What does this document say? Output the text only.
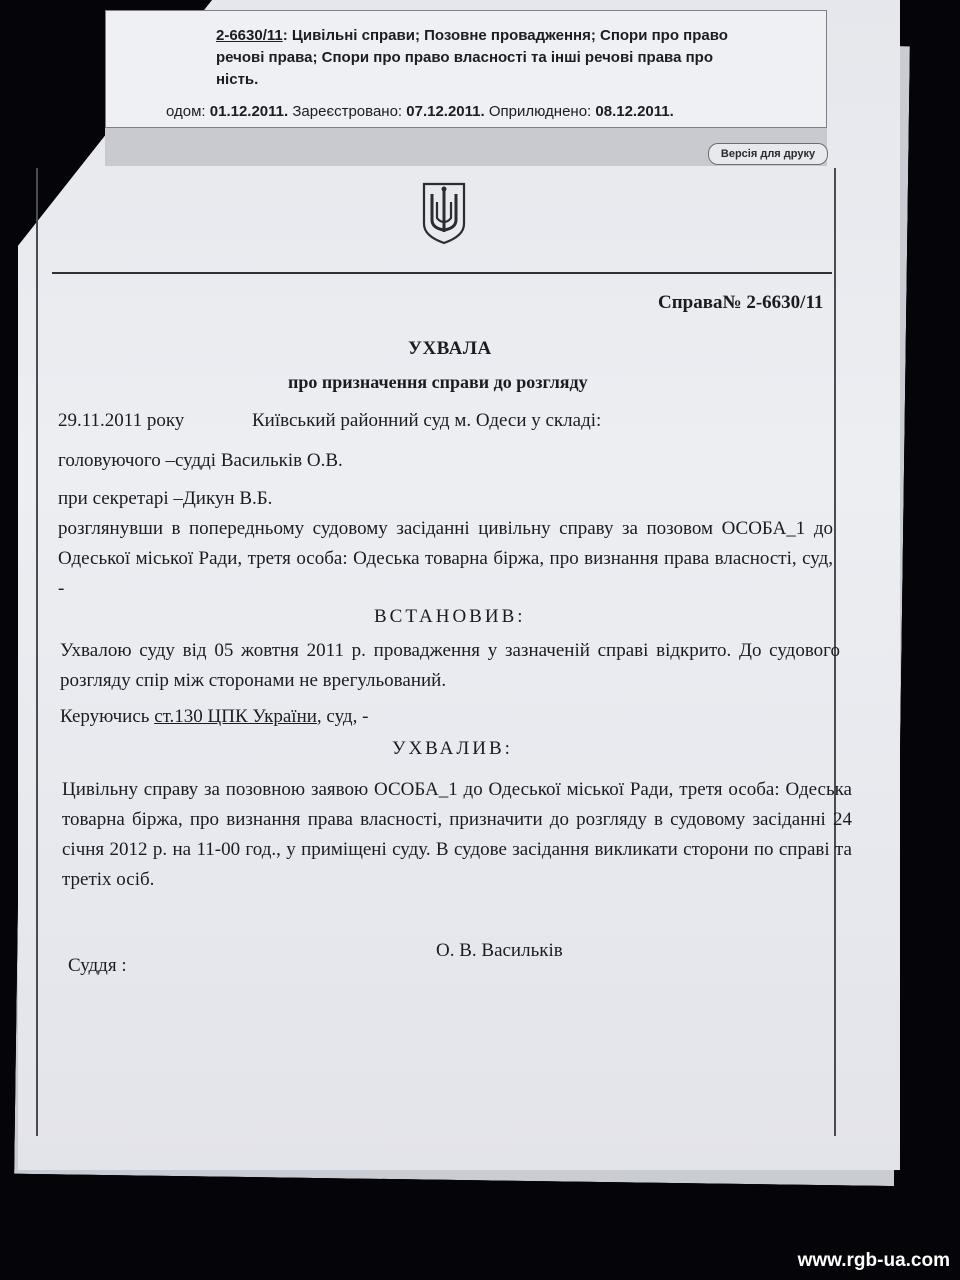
2-6630/11: Цивільні справи; Позовне провадження; Спори про право
речові права; Спори про право власності та інші речові права про
ність.
одом: 01.12.2011. Зареєстровано: 07.12.2011. Оприлюднено: 08.12.2011.
Версія для друку
Справа№ 2-6630/11
УХВАЛА
про призначення справи до розгляду
29.11.2011 року	Київський районний суд м. Одеси у складі:
головуючого –судді Васильків О.В.
при секретарі –Дикун В.Б.
розглянувши в попередньому судовому засіданні цивільну справу за позовом ОСОБА_1 до Одеської міської Ради, третя особа: Одеська товарна біржа, про визнання права власності, суд, -
ВСТАНОВИВ:
Ухвалою суду від 05 жовтня 2011 р. провадження у зазначеній справі відкрито. До судового розгляду спір між сторонами не врегульований.
Керуючись ст.130 ЦПК України, суд, -
УХВАЛИВ:
Цивільну справу за позовною заявою ОСОБА_1 до Одеської міської Ради, третя особа: Одеська товарна біржа, про визнання права власності, призначити до розгляду в судовому засіданні 24 січня 2012 р. на 11-00 год., у приміщені суду. В судове засідання викликати сторони по справі та третіх осіб.
Суддя :
О. В. Васильків
www.rgb-ua.com
